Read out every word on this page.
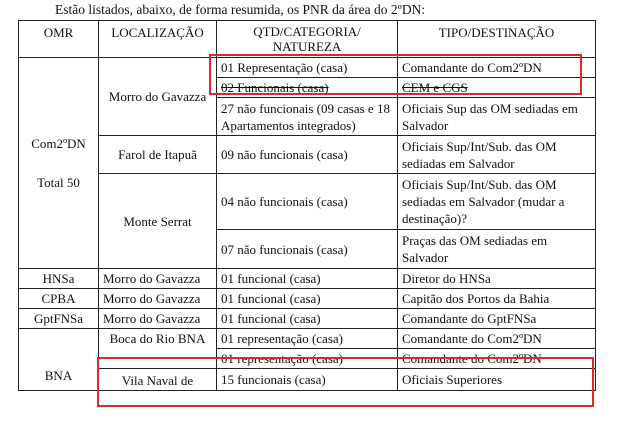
Estão listados, abaixo, de forma resumida, os PNR da área do 2ºDN:
OMR	LOCALIZAÇÃO	QTD/CATEGORIA/ NATUREZA	TIPO/DESTINAÇÃO

Com2ºDN
Total 50	Morro do Gavazza	01 Representação (casa)	Comandante do Com2ºDN
		02 Funcionais (casa)	CEM e CGS
		27 não funcionais (09 casas e 18 Apartamentos integrados)	Oficiais Sup das OM sediadas em Salvador
	Farol de Itapuã	09 não funcionais (casa)	Oficiais Sup/Int/Sub. das OM sediadas em Salvador
	Monte Serrat	04 não funcionais (casa)	Oficiais Sup/Int/Sub. das OM sediadas em Salvador (mudar a destinação)?
		07 não funcionais (casa)	Praças das OM sediadas em Salvador
HNSa	Morro do Gavazza	01 funcional (casa)	Diretor do HNSa
CPBA	Morro do Gavazza	01 funcional (casa)	Capitão dos Portos da Bahia
GptFNSa	Morro do Gavazza	01 funcional (casa)	Comandante do GptFNSa
BNA	Boca do Rio BNA	01 representação (casa)	Comandante do Com2ºDN
		01 representação (casa)	Comandante do Com2ºDN
	Vila Naval de	15 funcionais (casa)	Oficiais Superiores
